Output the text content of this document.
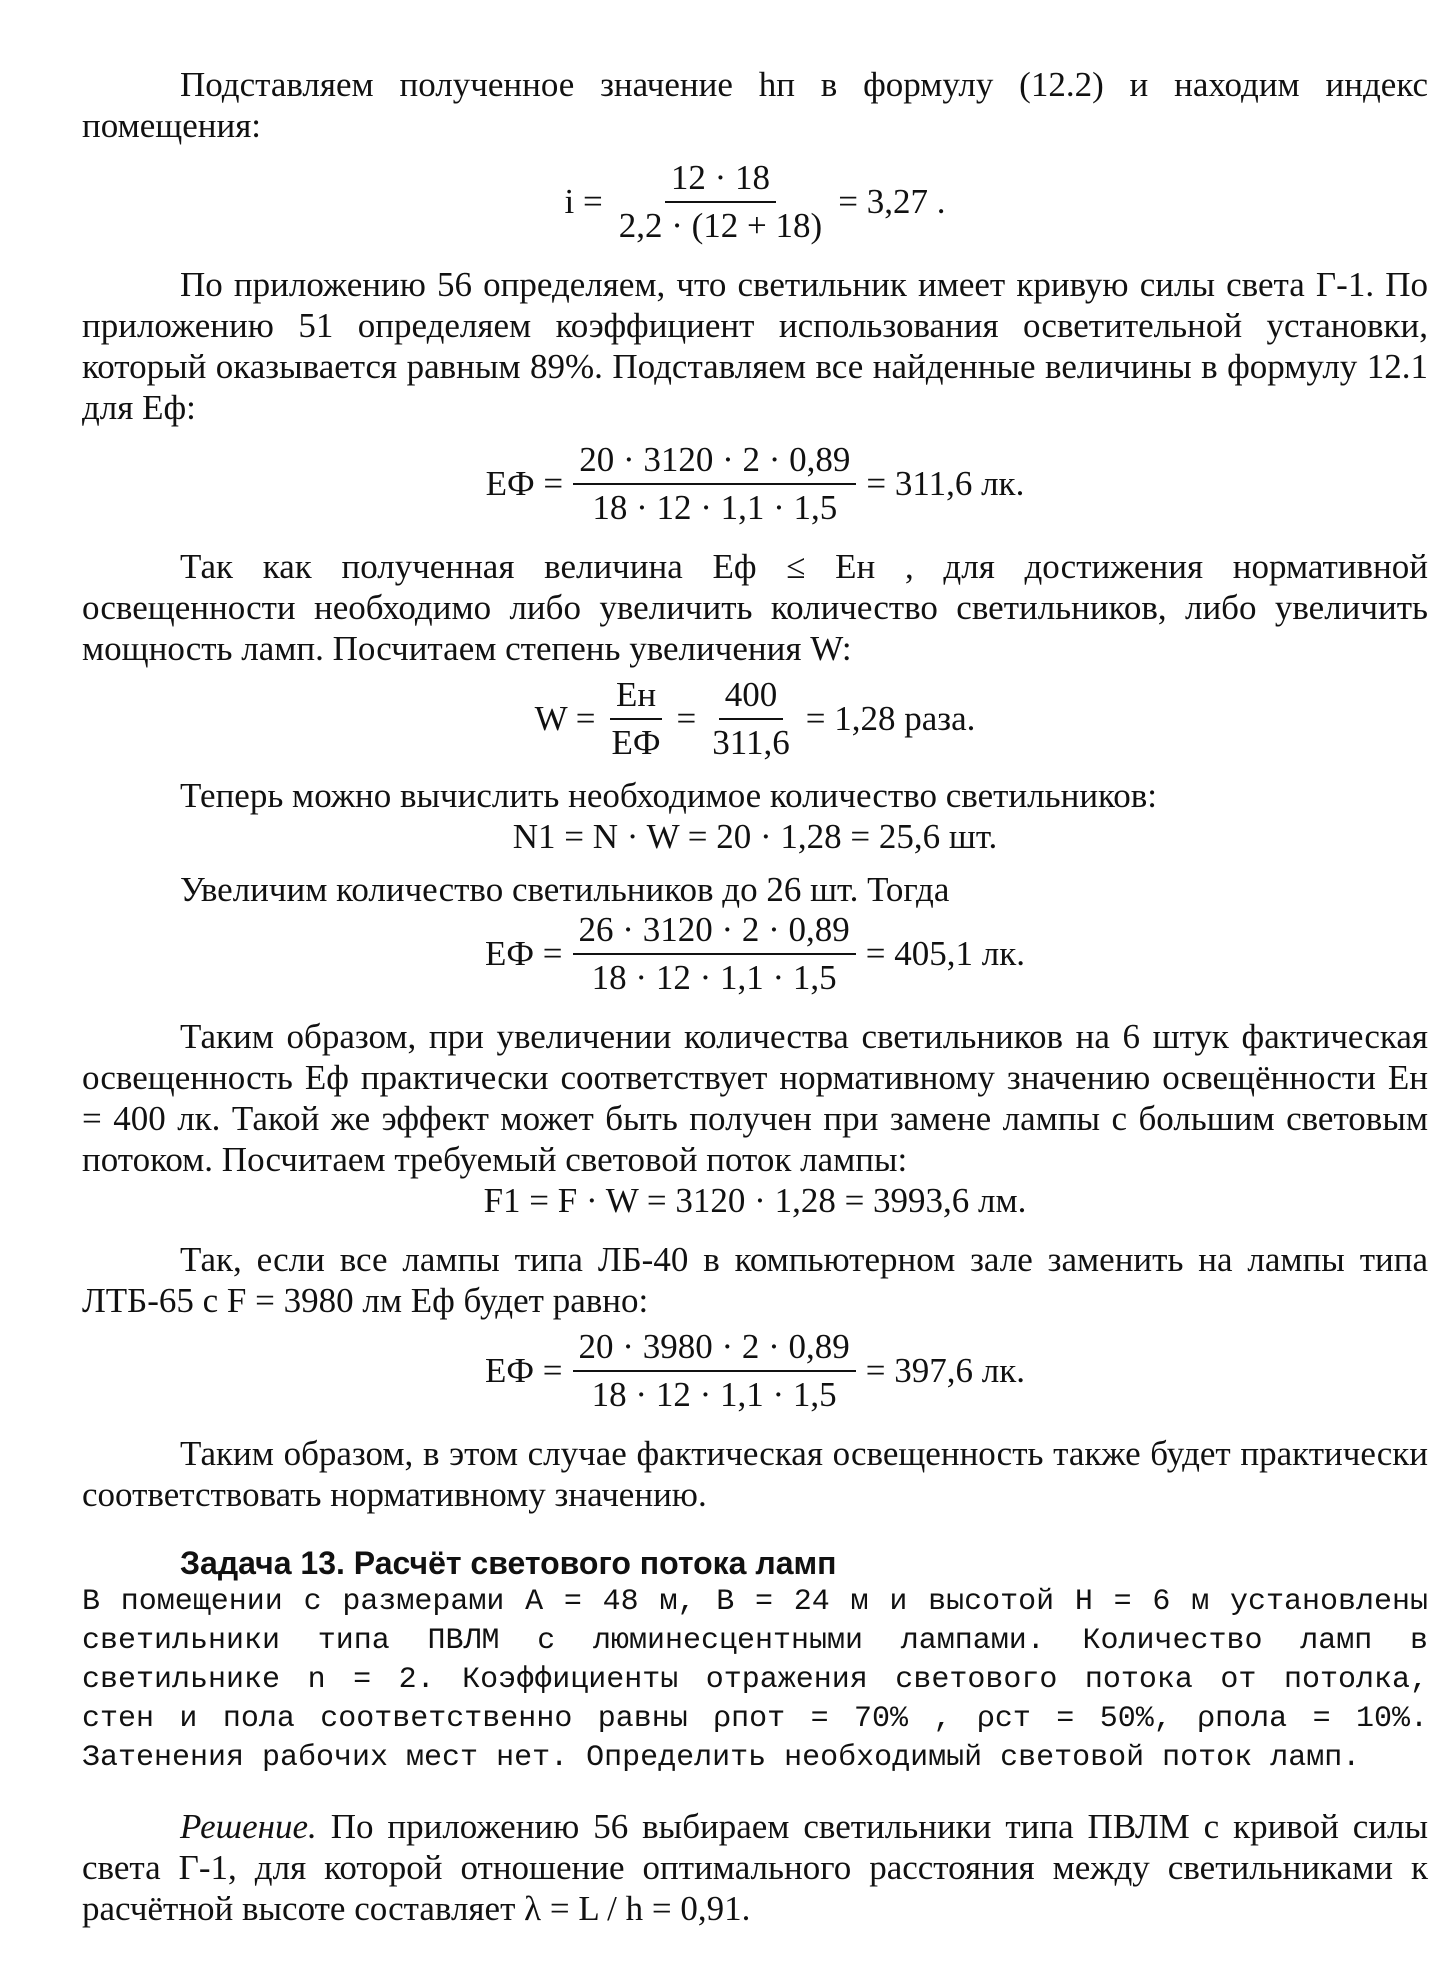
Подставляем полученное значение hп в формулу (12.2) и находим индекс помещения:

$i = \frac{12 \cdot 18}{2,2 \cdot (12 + 18)} = 3,27$ .

По приложению 56 определяем, что светильник имеет кривую силы света Г-1. По приложению 51 определяем коэффициент использования осветительной установки, который оказывается равным 89%. Подставляем все найденные величины в формулу 12.1 для Eф:

EФ = $\frac{20 \cdot 3120 \cdot 2 \cdot 0,89}{18 \cdot 12 \cdot 1,1 \cdot 1,5} = 311,6$ лк.

Так как полученная величина Eф ≤ Eн , для достижения нормативной освещенности необходимо либо увеличить количество светильников, либо увеличить мощность ламп. Посчитаем степень увеличения W:

$W = \frac{Eн}{EФ} = \frac{400}{311,6} = 1,28$ раза.

Теперь можно вычислить необходимое количество светильников:

N1 = N · W = 20 · 1,28 = 25,6 шт.

Увеличим количество светильников до 26 шт. Тогда

EФ = $\frac{26 \cdot 3120 \cdot 2 \cdot 0,89}{18 \cdot 12 \cdot 1,1 \cdot 1,5} = 405,1$ лк.

Таким образом, при увеличении количества светильников на 6 штук фактическая освещенность Eф практически соответствует нормативному значению освещённости Eн = 400 лк. Такой же эффект может быть получен при замене лампы с большим световым потоком. Посчитаем требуемый световой поток лампы:

F1 = F · W = 3120 · 1,28 = 3993,6 лм.

Так, если все лампы типа ЛБ-40 в компьютерном зале заменить на лампы типа ЛТБ-65 с F = 3980 лм Eф будет равно:

EФ = $\frac{20 \cdot 3980 \cdot 2 \cdot 0,89}{18 \cdot 12 \cdot 1,1 \cdot 1,5} = 397,6$ лк.

Таким образом, в этом случае фактическая освещенность также будет практически соответствовать нормативному значению.

Задача 13. Расчёт светового потока ламп
В помещении с размерами A = 48 м, B = 24 м и высотой H = 6 м установлены светильники типа ПВЛМ с люминесцентными лампами. Количество ламп в светильнике n = 2. Коэффициенты отражения светового потока от потолка, стен и пола соответственно равны ρпот = 70% , ρст = 50%, ρпола = 10%. Затенения рабочих мест нет. Определить необходимый световой поток ламп.

Решение. По приложению 56 выбираем светильники типа ПВЛМ с кривой силы света Г-1, для которой отношение оптимального расстояния между светильниками к расчётной высоте составляет λ = L / h = 0,91.
